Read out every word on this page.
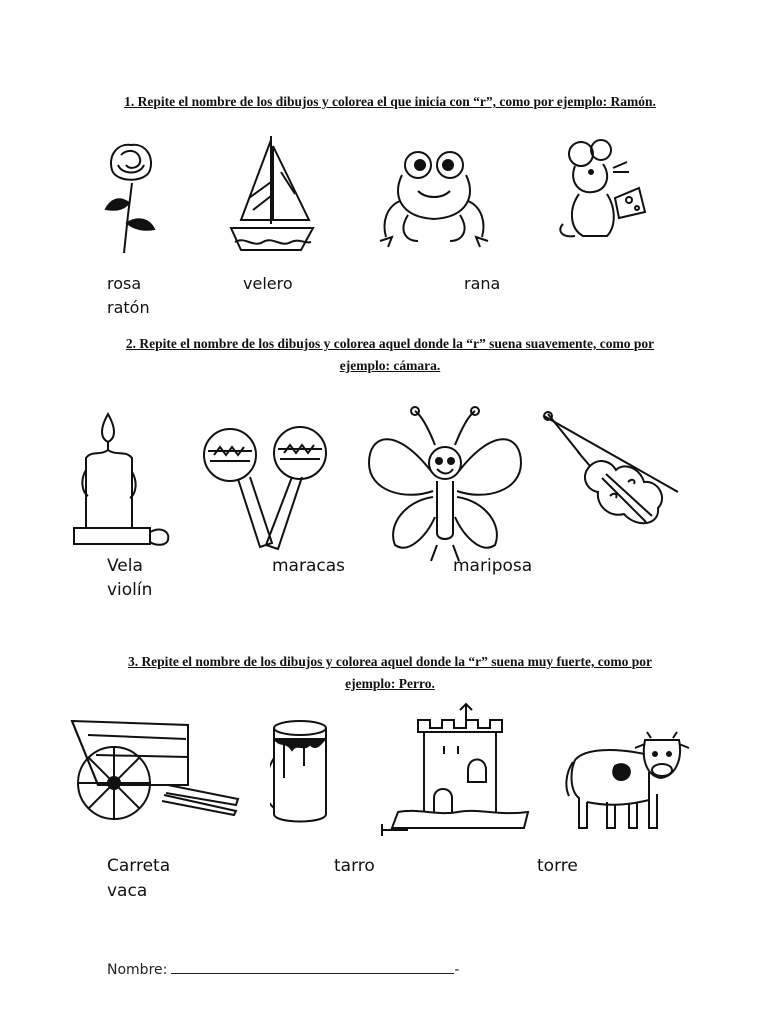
1. Repite el nombre de los dibujos y colorea el que inicia con “r”, como por ejemplo: Ramón.
rosa	velero	rana
ratón
2. Repite el nombre de los dibujos y colorea aquel donde la “r” suena suavemente, como por ejemplo: cámara.
Vela	maracas	mariposa
violín
3. Repite el nombre de los dibujos y colorea aquel donde la “r” suena muy fuerte, como por ejemplo: Perro.
Carreta	tarro	torre
vaca
Nombre:	-
